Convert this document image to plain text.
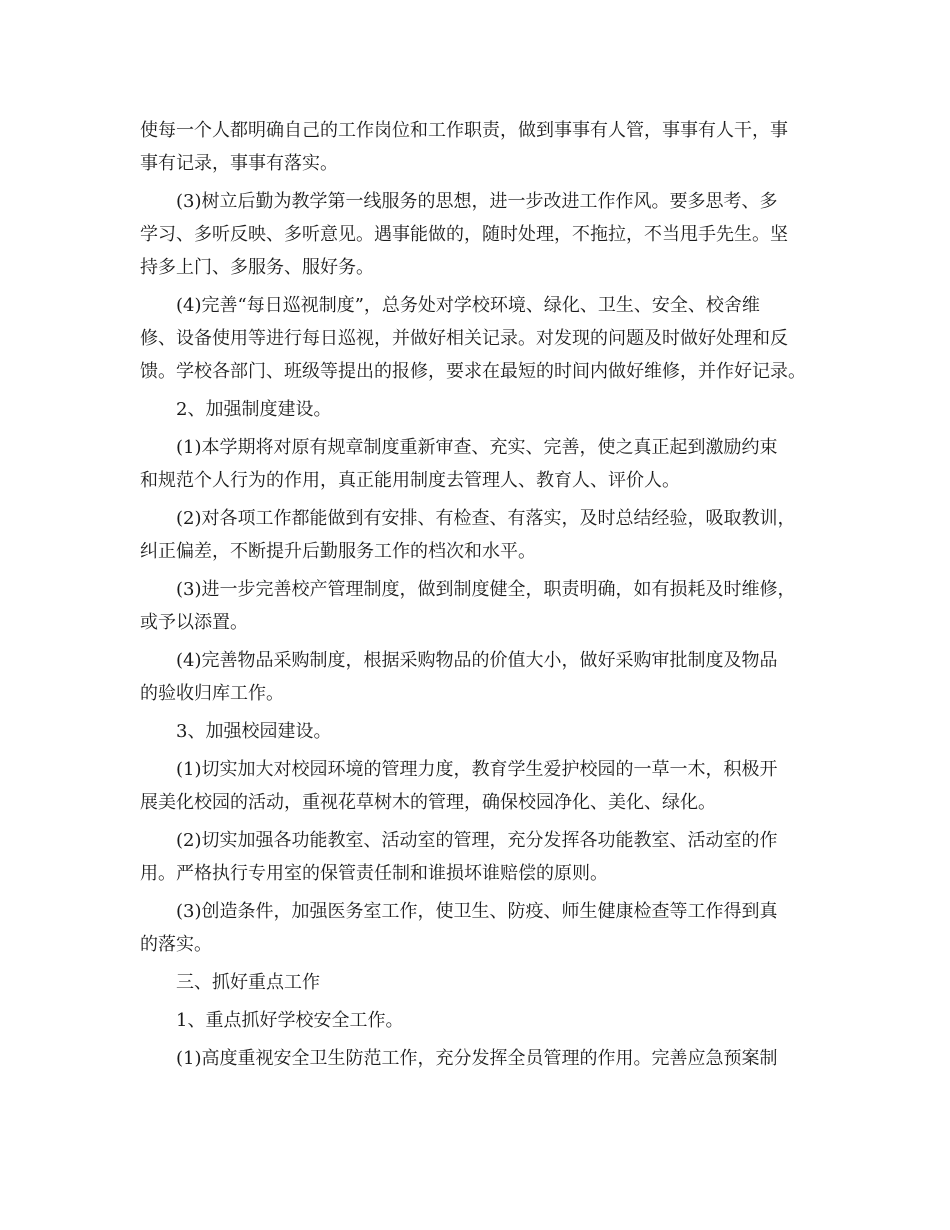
使每一个人都明确自己的工作岗位和工作职责，做到事事有人管，事事有人干，事
事有记录，事事有落实。
(3)树立后勤为教学第一线服务的思想，进一步改进工作作风。要多思考、多
学习、多听反映、多听意见。遇事能做的，随时处理，不拖拉，不当甩手先生。坚
持多上门、多服务、服好务。
(4)完善“每日巡视制度”，总务处对学校环境、绿化、卫生、安全、校舍维
修、设备使用等进行每日巡视，并做好相关记录。对发现的问题及时做好处理和反
馈。学校各部门、班级等提出的报修，要求在最短的时间内做好维修，并作好记录。
2、加强制度建设。
(1)本学期将对原有规章制度重新审查、充实、完善，使之真正起到激励约束
和规范个人行为的作用，真正能用制度去管理人、教育人、评价人。
(2)对各项工作都能做到有安排、有检查、有落实，及时总结经验，吸取教训，
纠正偏差，不断提升后勤服务工作的档次和水平。
(3)进一步完善校产管理制度，做到制度健全，职责明确，如有损耗及时维修，
或予以添置。
(4)完善物品采购制度，根据采购物品的价值大小，做好采购审批制度及物品
的验收归库工作。
3、加强校园建设。
(1)切实加大对校园环境的管理力度，教育学生爱护校园的一草一木，积极开
展美化校园的活动，重视花草树木的管理，确保校园净化、美化、绿化。
(2)切实加强各功能教室、活动室的管理，充分发挥各功能教室、活动室的作
用。严格执行专用室的保管责任制和谁损坏谁赔偿的原则。
(3)创造条件，加强医务室工作，使卫生、防疫、师生健康检查等工作得到真
的落实。
三、抓好重点工作
1、重点抓好学校安全工作。
(1)高度重视安全卫生防范工作，充分发挥全员管理的作用。完善应急预案制
